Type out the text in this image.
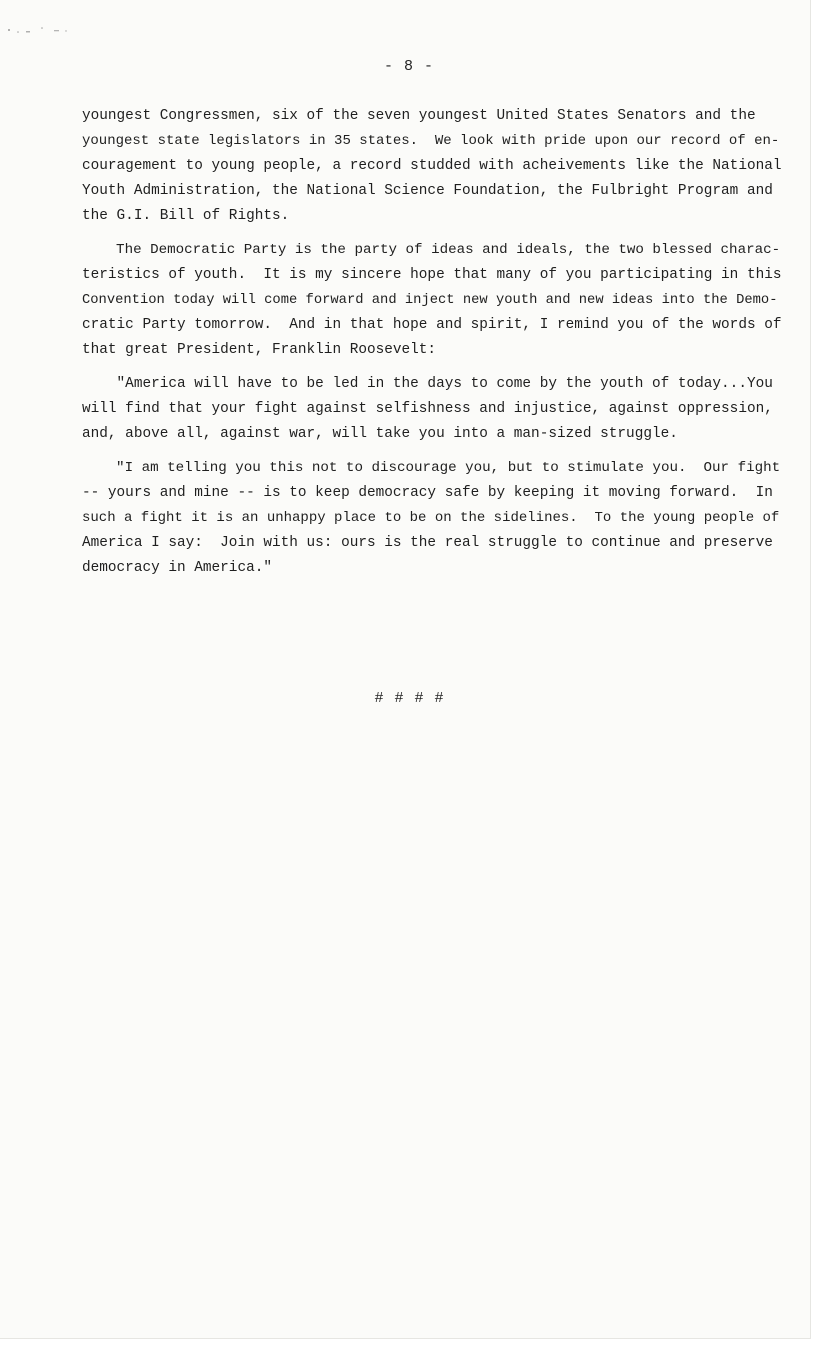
- 8 -
youngest Congressmen, six of the seven youngest United States Senators and the
youngest state legislators in 35 states.  We look with pride upon our record of en-
couragement to young people, a record studded with acheivements like the National
Youth Administration, the National Science Foundation, the Fulbright Program and
the G.I. Bill of Rights.
The Democratic Party is the party of ideas and ideals, the two blessed charac-
teristics of youth.  It is my sincere hope that many of you participating in this
Convention today will come forward and inject new youth and new ideas into the Demo-
cratic Party tomorrow.  And in that hope and spirit, I remind you of the words of
that great President, Franklin Roosevelt:
"America will have to be led in the days to come by the youth of today...You
will find that your fight against selfishness and injustice, against oppression,
and, above all, against war, will take you into a man-sized struggle.
"I am telling you this not to discourage you, but to stimulate you.  Our fight
-- yours and mine -- is to keep democracy safe by keeping it moving forward.  In
such a fight it is an unhappy place to be on the sidelines.  To the young people of
America I say:  Join with us: ours is the real struggle to continue and preserve
democracy in America."
# # # #
